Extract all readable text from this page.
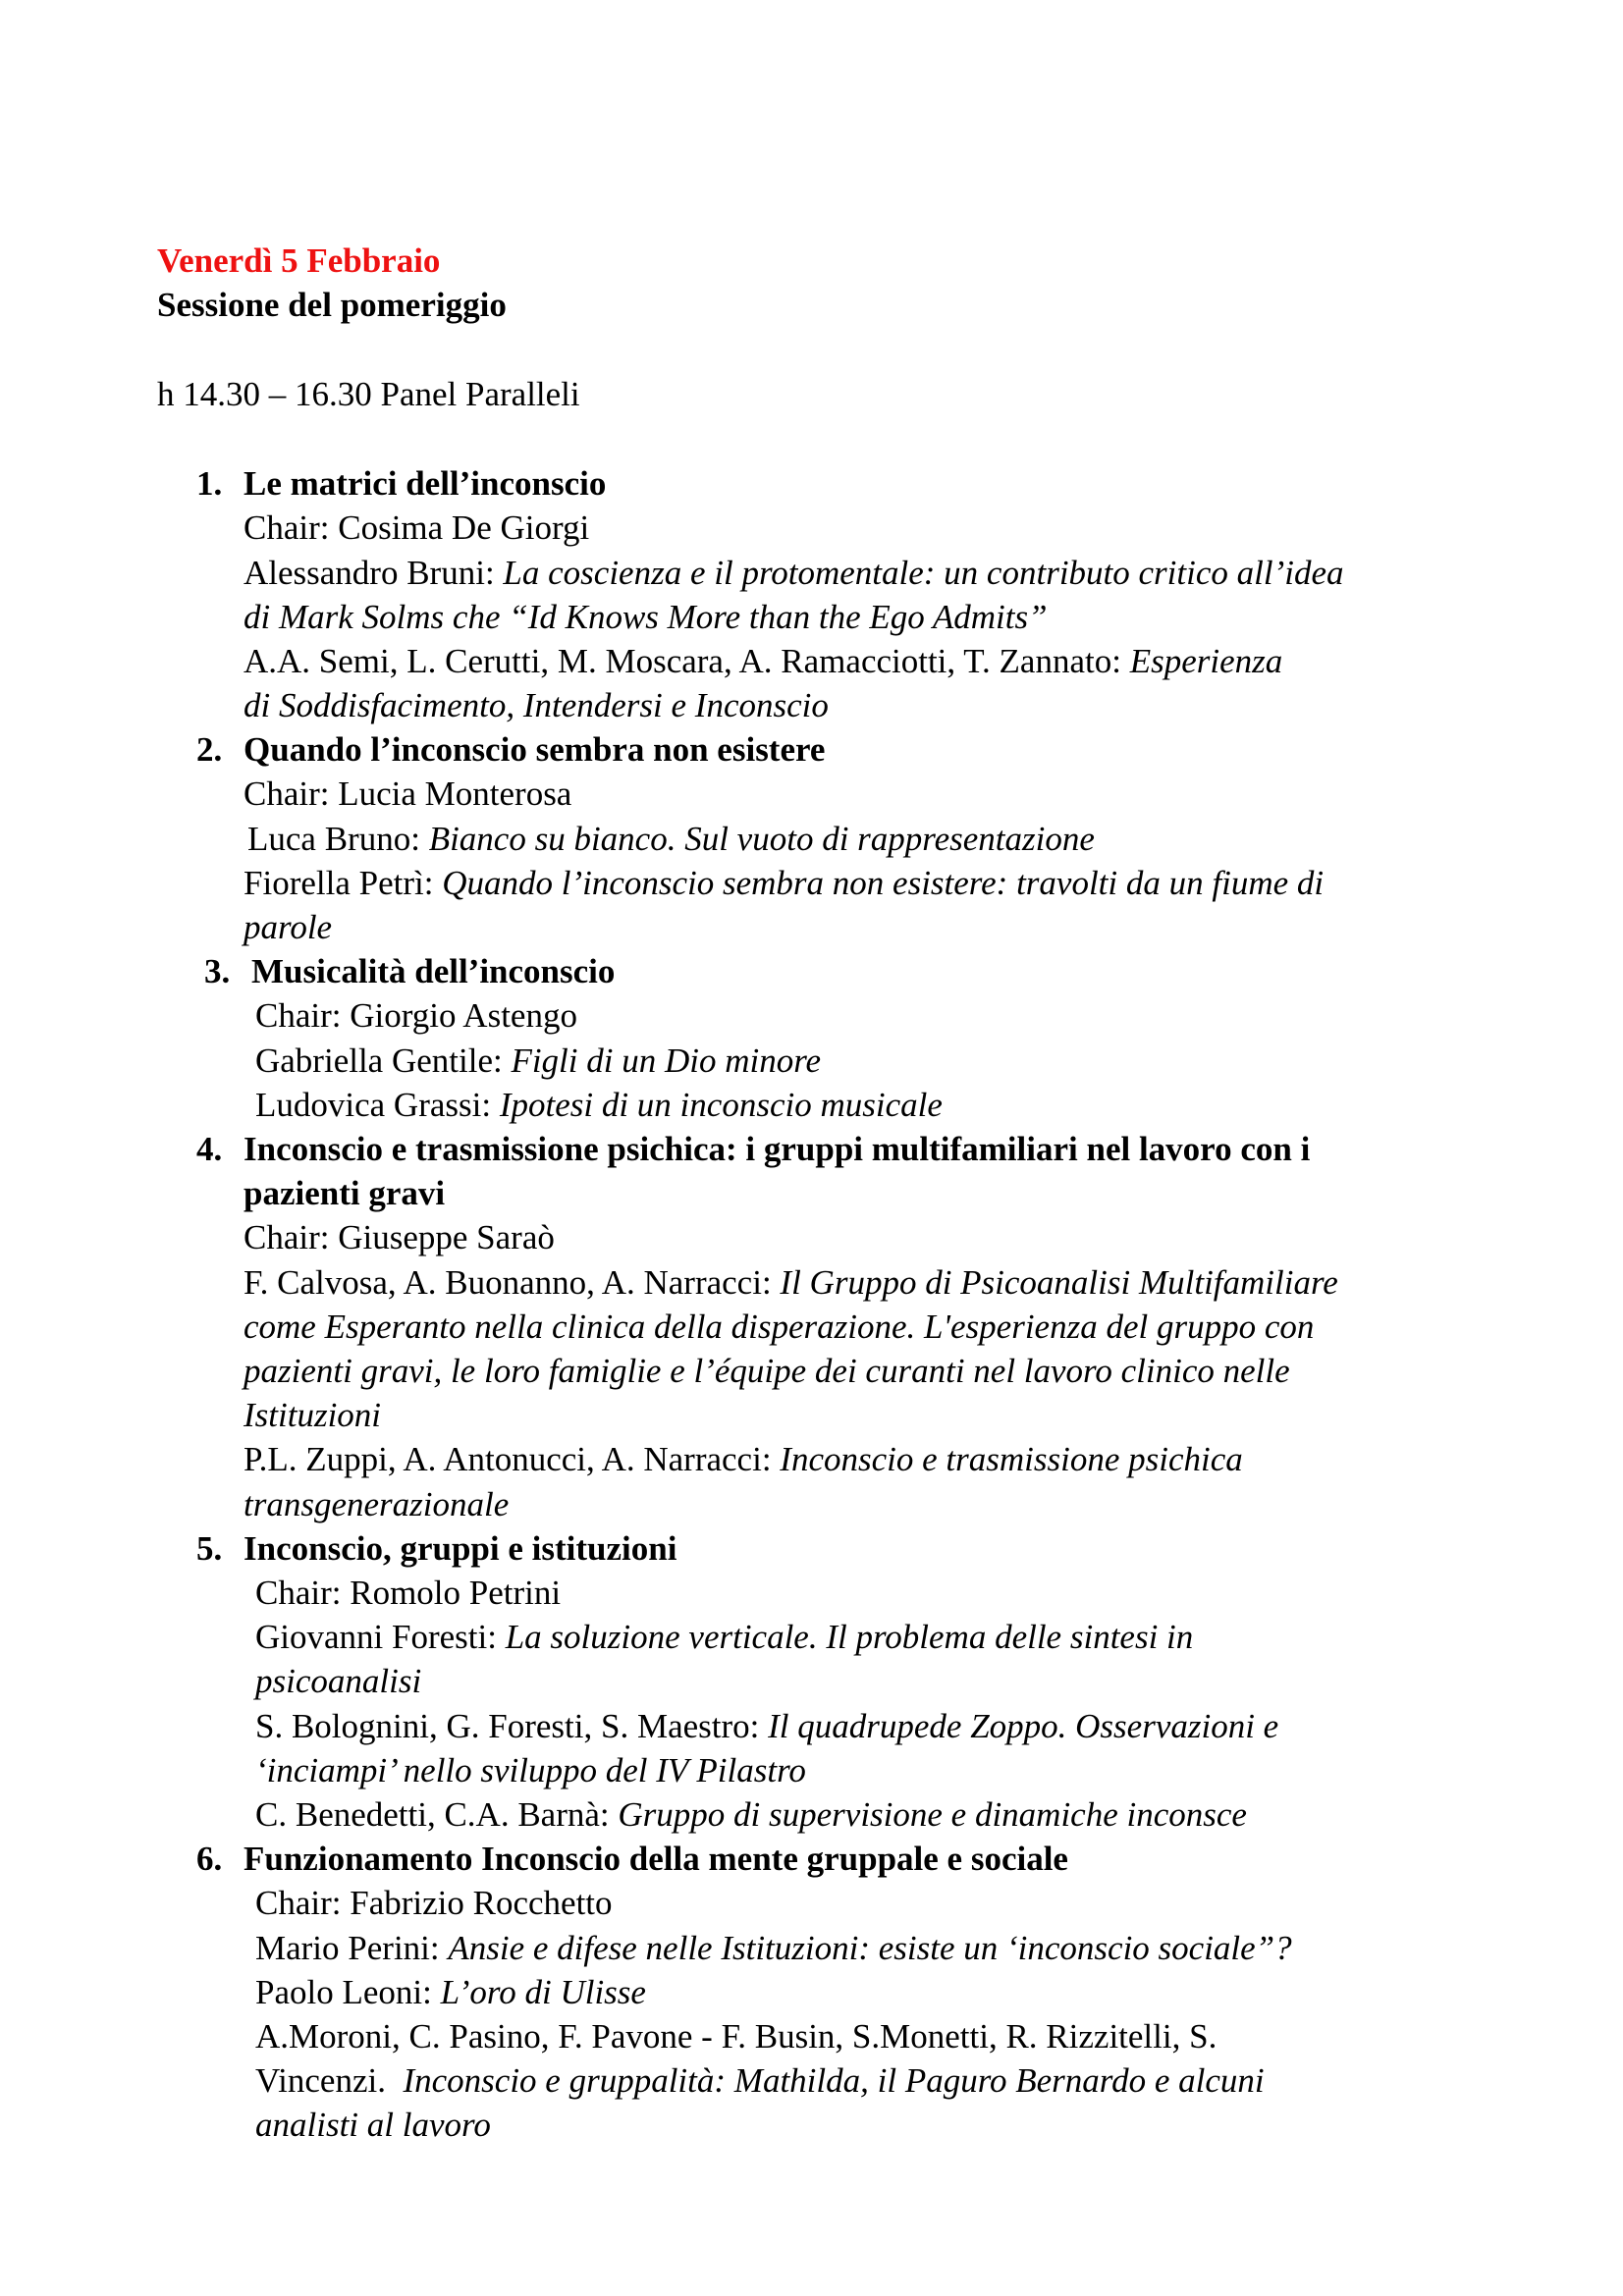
Venerdì 5 Febbraio
Sessione del pomeriggio
h 14.30 – 16.30 Panel Paralleli
1. Le matrici dell’inconscio
Chair: Cosima De Giorgi
Alessandro Bruni: La coscienza e il protomentale: un contributo critico all’idea
di Mark Solms che “Id Knows More than the Ego Admits”
A.A. Semi, L. Cerutti, M. Moscara, A. Ramacciotti, T. Zannato: Esperienza
di Soddisfacimento, Intendersi e Inconscio
2. Quando l’inconscio sembra non esistere
Chair: Lucia Monterosa
Luca Bruno: Bianco su bianco. Sul vuoto di rappresentazione
Fiorella Petrì: Quando l’inconscio sembra non esistere: travolti da un fiume di
parole
3. Musicalità dell’inconscio
Chair: Giorgio Astengo
Gabriella Gentile: Figli di un Dio minore
Ludovica Grassi: Ipotesi di un inconscio musicale
4. Inconscio e trasmissione psichica: i gruppi multifamiliari nel lavoro con i
pazienti gravi
Chair: Giuseppe Saraò
F. Calvosa, A. Buonanno, A. Narracci: Il Gruppo di Psicoanalisi Multifamiliare
come Esperanto nella clinica della disperazione. L'esperienza del gruppo con
pazienti gravi, le loro famiglie e l’équipe dei curanti nel lavoro clinico nelle
Istituzioni
P.L. Zuppi, A. Antonucci, A. Narracci: Inconscio e trasmissione psichica
transgenerazionale
5. Inconscio, gruppi e istituzioni
Chair: Romolo Petrini
Giovanni Foresti: La soluzione verticale. Il problema delle sintesi in
psicoanalisi
S. Bolognini, G. Foresti, S. Maestro: Il quadrupede Zoppo. Osservazioni e
‘inciampi’ nello sviluppo del IV Pilastro
C. Benedetti, C.A. Barnà: Gruppo di supervisione e dinamiche inconsce
6. Funzionamento Inconscio della mente gruppale e sociale
Chair: Fabrizio Rocchetto
Mario Perini: Ansie e difese nelle Istituzioni: esiste un ‘inconscio sociale”?
Paolo Leoni: L’oro di Ulisse
A.Moroni, C. Pasino, F. Pavone - F. Busin, S.Monetti, R. Rizzitelli, S.
Vincenzi. Inconscio e gruppalità: Mathilda, il Paguro Bernardo e alcuni
analisti al lavoro
